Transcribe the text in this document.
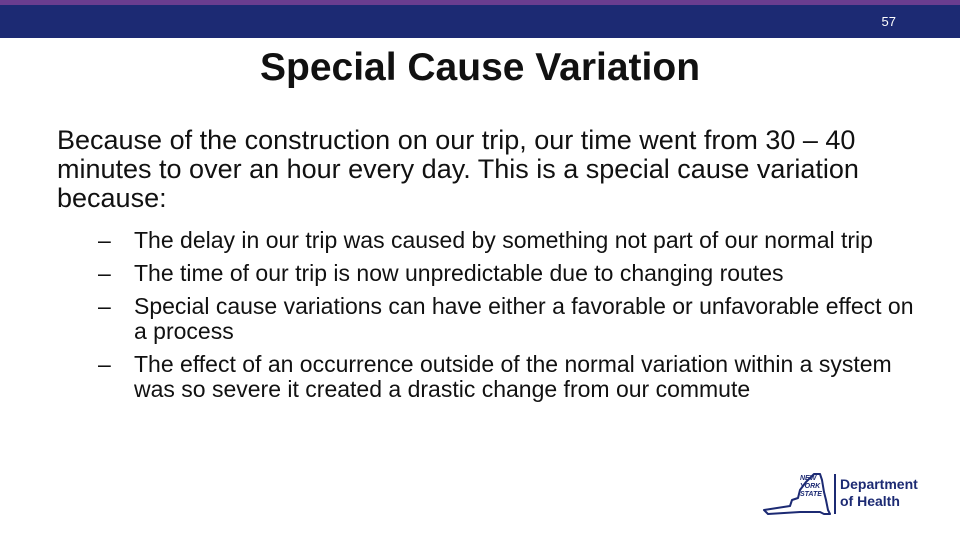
57
Special Cause Variation

Because of the construction on our trip, our time went from 30 – 40 minutes to over an hour every day. This is a special cause variation because:

– The delay in our trip was caused by something not part of our normal trip
– The time of our trip is now unpredictable due to changing routes
– Special cause variations can have either a favorable or unfavorable effect on a process
– The effect of an occurrence outside of the normal variation within a system was so severe it created a drastic change from our commute
NEW
YORK
STATE
Department
of Health
